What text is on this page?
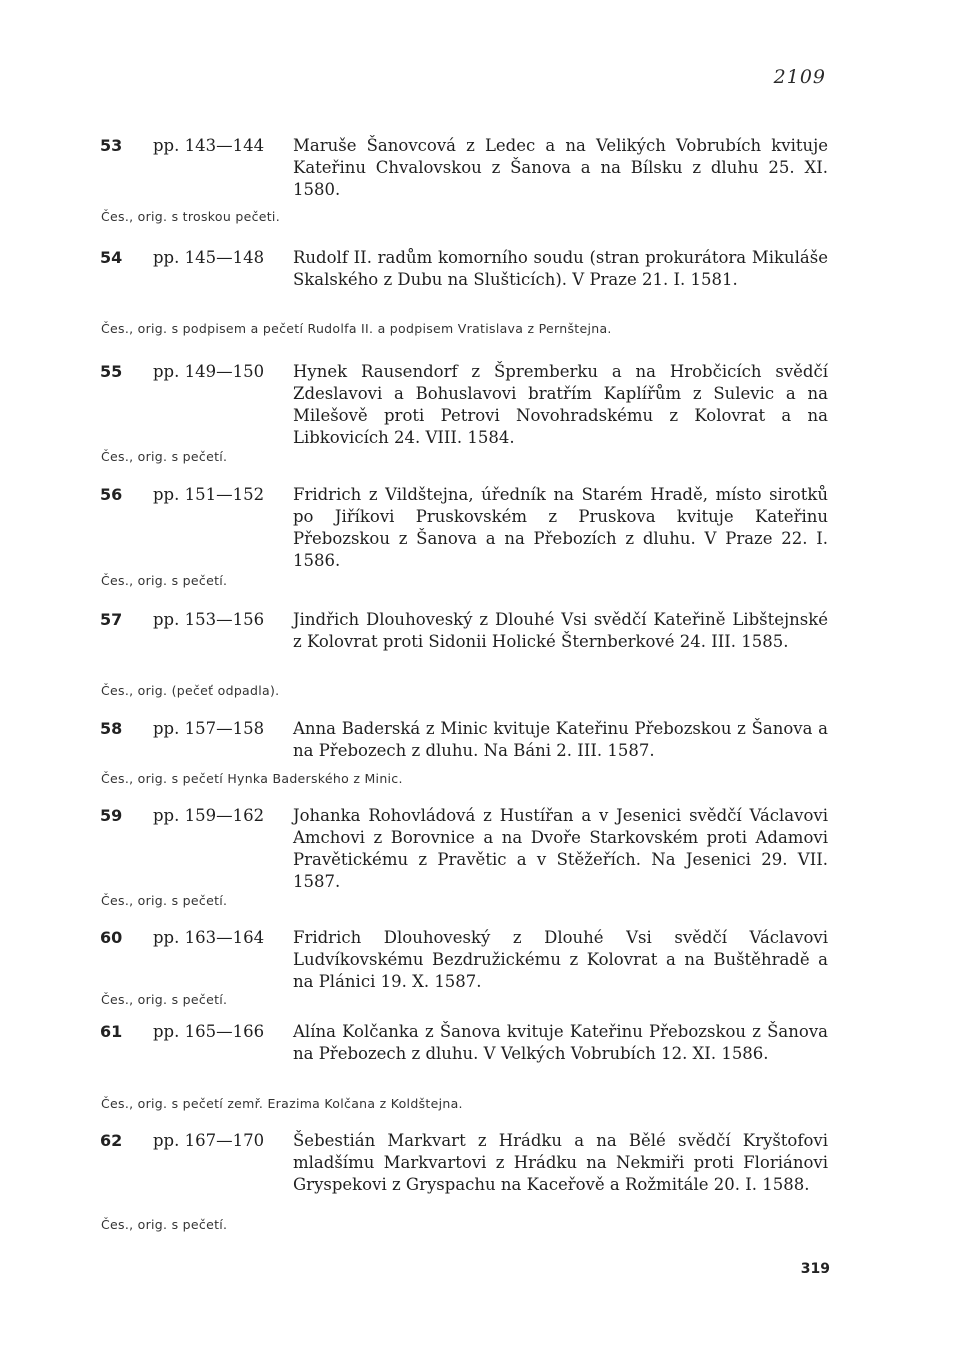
2109
53	pp. 143—144	Maruše Šanovcová z Ledec a na Velikých Vobrubích kvituje Kateřinu Chvalovskou z Šanova a na Bílsku z dluhu 25. XI. 1580.
Čes., orig. s troskou pečeti.
54	pp. 145—148	Rudolf II. radům komorního soudu (stran prokurátora Mikuláše Skalského z Dubu na Slušticích). V Praze 21. I. 1581.
Čes., orig. s podpisem a pečetí Rudolfa II. a podpisem Vratislava z Pernštejna.
55	pp. 149—150	Hynek Rausendorf z Špremberku a na Hrobčicích svědčí Zdeslavovi a Bohuslavovi bratřím Kaplířům z Sulevic a na Milešově proti Petrovi Novohradskému z Kolovrat a na Libkovicích 24. VIII. 1584.
Čes., orig. s pečetí.
56	pp. 151—152	Fridrich z Vildštejna, úředník na Starém Hradě, místo sirotků po Jiříkovi Pruskovském z Pruskova kvituje Kateřinu Přebozskou z Šanova a na Přebozích z dluhu. V Praze 22. I. 1586.
Čes., orig. s pečetí.
57	pp. 153—156	Jindřich Dlouhoveský z Dlouhé Vsi svědčí Kateřině Libštejnské z Kolovrat proti Sidonii Holické Šternberkové 24. III. 1585.
Čes., orig. (pečeť odpadla).
58	pp. 157—158	Anna Baderská z Minic kvituje Kateřinu Přebozskou z Šanova a na Přebozech z dluhu. Na Báni 2. III. 1587.
Čes., orig. s pečetí Hynka Baderského z Minic.
59	pp. 159—162	Johanka Rohovládová z Hustířan a v Jesenici svědčí Václavovi Amchovi z Borovnice a na Dvoře Starkovském proti Adamovi Pravětickému z Pravětic a v Stěžeřích. Na Jesenici 29. VII. 1587.
Čes., orig. s pečetí.
60	pp. 163—164	Fridrich Dlouhoveský z Dlouhé Vsi svědčí Václavovi Ludvíkovskému Bezdružickému z Kolovrat a na Buštěhradě a na Plánici 19. X. 1587.
Čes., orig. s pečetí.
61	pp. 165—166	Alína Kolčanka z Šanova kvituje Kateřinu Přebozskou z Šanova na Přebozech z dluhu. V Velkých Vobrubích 12. XI. 1586.
Čes., orig. s pečetí zemř. Erazima Kolčana z Koldštejna.
62	pp. 167—170	Šebestián Markvart z Hrádku a na Bělé svědčí Kryštofovi mladšímu Markvartovi z Hrádku na Nekmiři proti Floriánovi Gryspekovi z Gryspachu na Kaceřově a Rožmitále 20. I. 1588.
Čes., orig. s pečetí.
319
